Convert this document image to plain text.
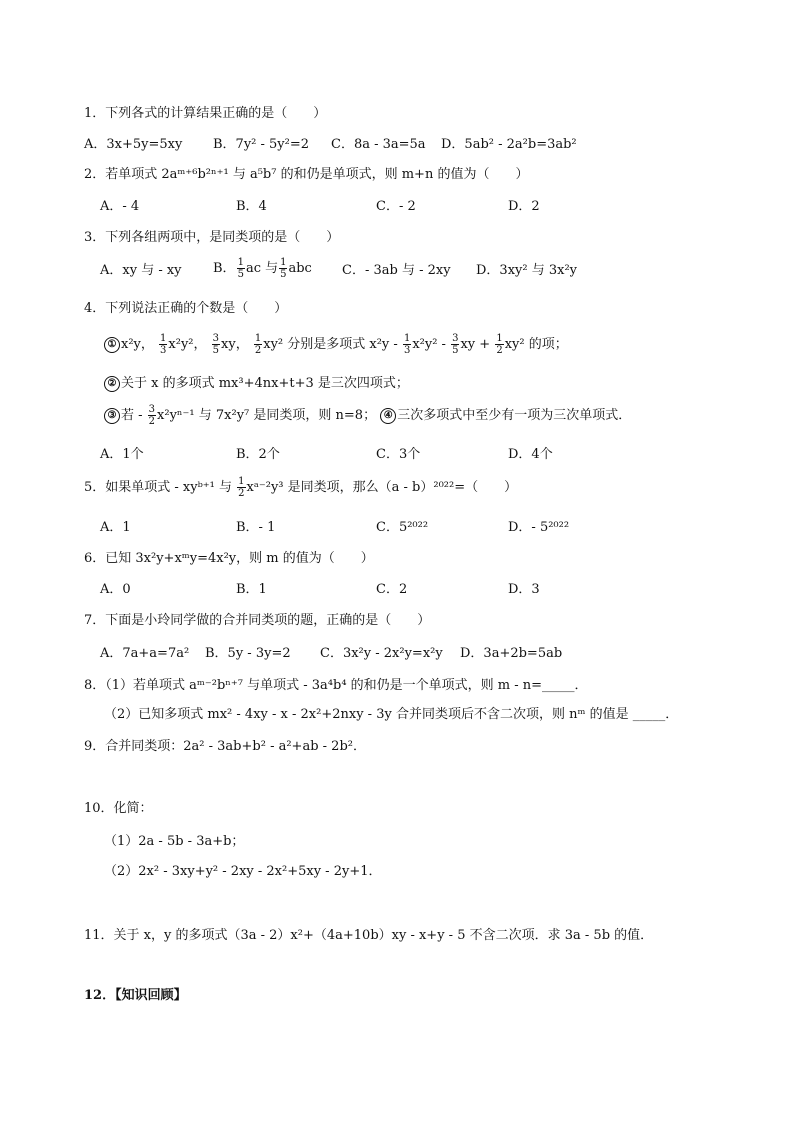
1．下列各式的计算结果正确的是（　　）
A．3x+5y=5xy B．7y² - 5y²=2 C．8a - 3a=5a D．5ab² - 2a²b=3ab²
2．若单项式 2aᵐ⁺⁶b²ⁿ⁺¹ 与 a⁵b⁷ 的和仍是单项式，则 m+n 的值为（　　）
A．- 4	B．4	C．- 2	D．2
3．下列各组两项中，是同类项的是（　　）
A．xy 与 - xy B． $\frac{1}{5}$ ac 与 $\frac{1}{5}$ abc C．- 3ab 与 - 2xy D．3xy² 与 3x²y
4．下列说法正确的个数是（　　）
① x²y， $\frac{1}{3} x^2y^2$， $\frac{3}{5}$ xy， $\frac{1}{2} xy^2$ 分别是多项式 $x^2y - \frac{1}{3} x^2y^2 - \frac{3}{5}$ xy + $\frac{1}{2} xy^2$ 的项；
② 关于 x 的多项式 mx³+4nx+t+3 是三次四项式；
③ 若 - $\frac{3}{2} x^2y^{n-1}$ 与 7x²y⁷ 是同类项，则 n=8； ④ 三次多项式中至少有一项为三次单项式．
A．1个	B．2个	C．3个	D．4个
5．如果单项式 - xyᵇ⁺¹ 与 $\frac{1}{2}$ xᵃ⁻²y³ 是同类项，那么（a - b）²⁰²²=（　　）
A．1	B．- 1	C．5²⁰²²	D．- 5²⁰²²
6．已知 3x²y+xᵐy=4x²y，则 m 的值为（　　）
A．0	B．1	C．2	D．3
7．下面是小玲同学做的合并同类项的题，正确的是（　　）
A．7a+a=7a² B．5y - 3y=2 C．3x²y - 2x²y=x²y D．3a+2b=5ab
8．（1）若单项式 aᵐ⁻²bⁿ⁺⁷ 与单项式 - 3a⁴b⁴ 的和仍是一个单项式，则 m - n=_____．
（2）已知多项式 mx² - 4xy - x - 2x²+2nxy - 3y 合并同类项后不含二次项，则 nᵐ 的值是 _____．
9．合并同类项：2a² - 3ab+b² - a²+ab - 2b²．
10．化简：
（1）2a - 5b - 3a+b；
（2）2x² - 3xy+y² - 2xy - 2x²+5xy - 2y+1．
11．关于 x，y 的多项式（3a - 2）x²+（4a+10b）xy - x+y - 5 不含二次项．求 3a - 5b 的值．
12．【知识回顾】
